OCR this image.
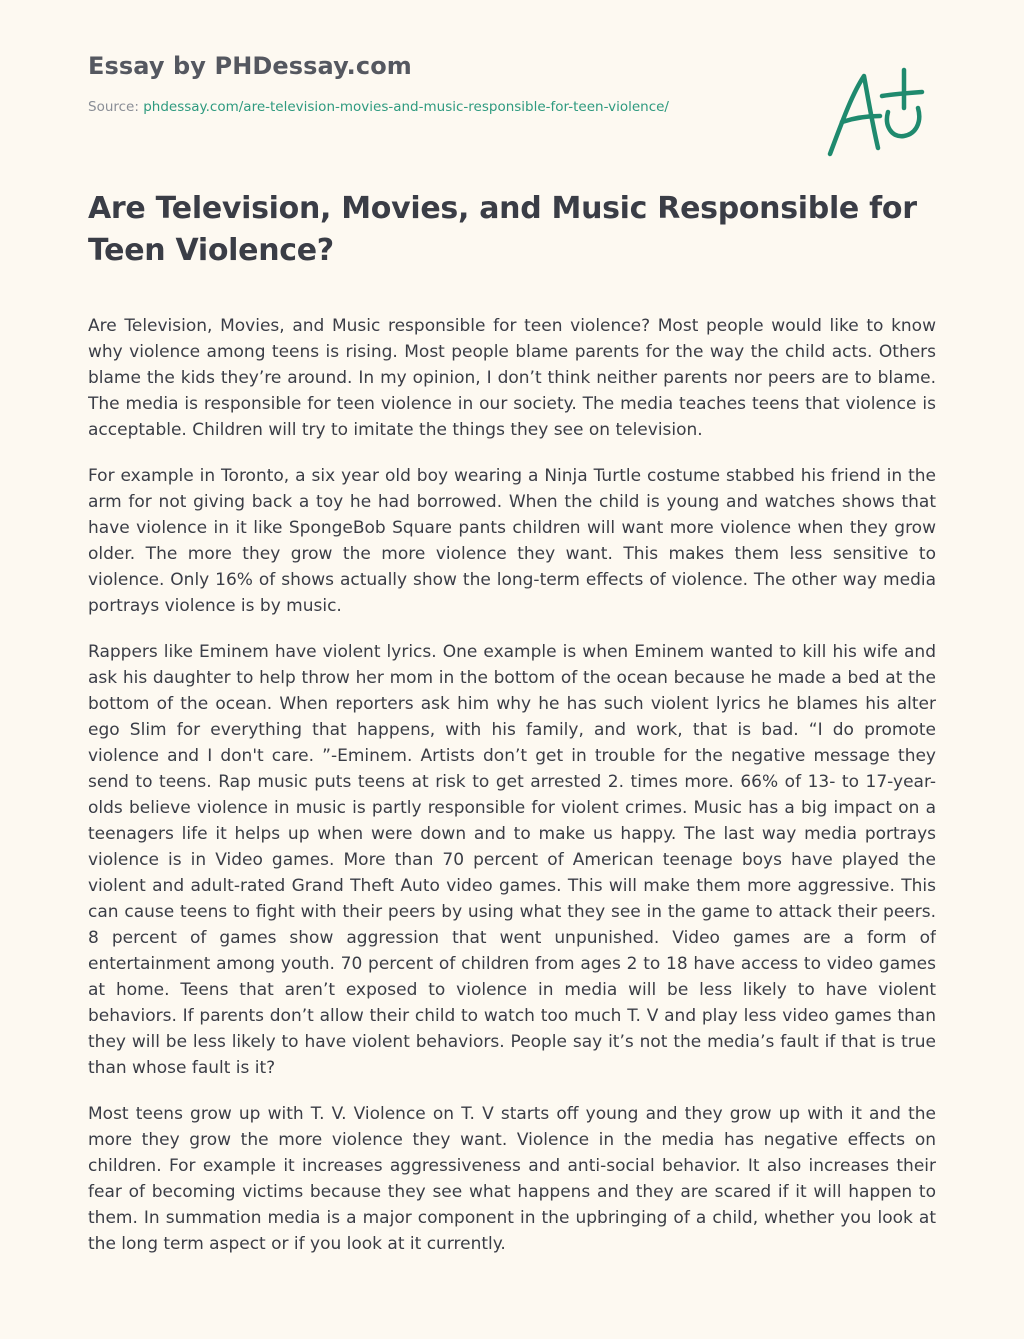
Essay by PHDessay.com
Source: phdessay.com/are-television-movies-and-music-responsible-for-teen-violence/
Are Television, Movies, and Music Responsible for Teen Violence?

Are Television, Movies, and Music responsible for teen violence? Most people would like to know why violence among teens is rising. Most people blame parents for the way the child acts. Others blame the kids they’re around. In my opinion, I don’t think neither parents nor peers are to blame. The media is responsible for teen violence in our society. The media teaches teens that violence is acceptable. Children will try to imitate the things they see on television.

For example in Toronto, a six year old boy wearing a Ninja Turtle costume stabbed his friend in the arm for not giving back a toy he had borrowed. When the child is young and watches shows that have violence in it like SpongeBob Square pants children will want more violence when they grow older. The more they grow the more violence they want. This makes them less sensitive to violence. Only 16% of shows actually show the long-term effects of violence. The other way media portrays violence is by music.

Rappers like Eminem have violent lyrics. One example is when Eminem wanted to kill his wife and ask his daughter to help throw her mom in the bottom of the ocean because he made a bed at the bottom of the ocean. When reporters ask him why he has such violent lyrics he blames his alter ego Slim for everything that happens, with his family, and work, that is bad. “I do promote violence and I don't care. ”-Eminem. Artists don’t get in trouble for the negative message they send to teens. Rap music puts teens at risk to get arrested 2. times more. 66% of 13- to 17-year-olds believe violence in music is partly responsible for violent crimes. Music has a big impact on a teenagers life it helps up when were down and to make us happy. The last way media portrays violence is in Video games. More than 70 percent of American teenage boys have played the violent and adult-rated Grand Theft Auto video games. This will make them more aggressive. This can cause teens to fight with their peers by using what they see in the game to attack their peers. 8 percent of games show aggression that went unpunished. Video games are a form of entertainment among youth. 70 percent of children from ages 2 to 18 have access to video games at home. Teens that aren’t exposed to violence in media will be less likely to have violent behaviors. If parents don’t allow their child to watch too much T. V and play less video games than they will be less likely to have violent behaviors. People say it’s not the media’s fault if that is true than whose fault is it?

Most teens grow up with T. V. Violence on T. V starts off young and they grow up with it and the more they grow the more violence they want. Violence in the media has negative effects on children. For example it increases aggressiveness and anti-social behavior. It also increases their fear of becoming victims because they see what happens and they are scared if it will happen to them. In summation media is a major component in the upbringing of a child, whether you look at the long term aspect or if you look at it currently.
